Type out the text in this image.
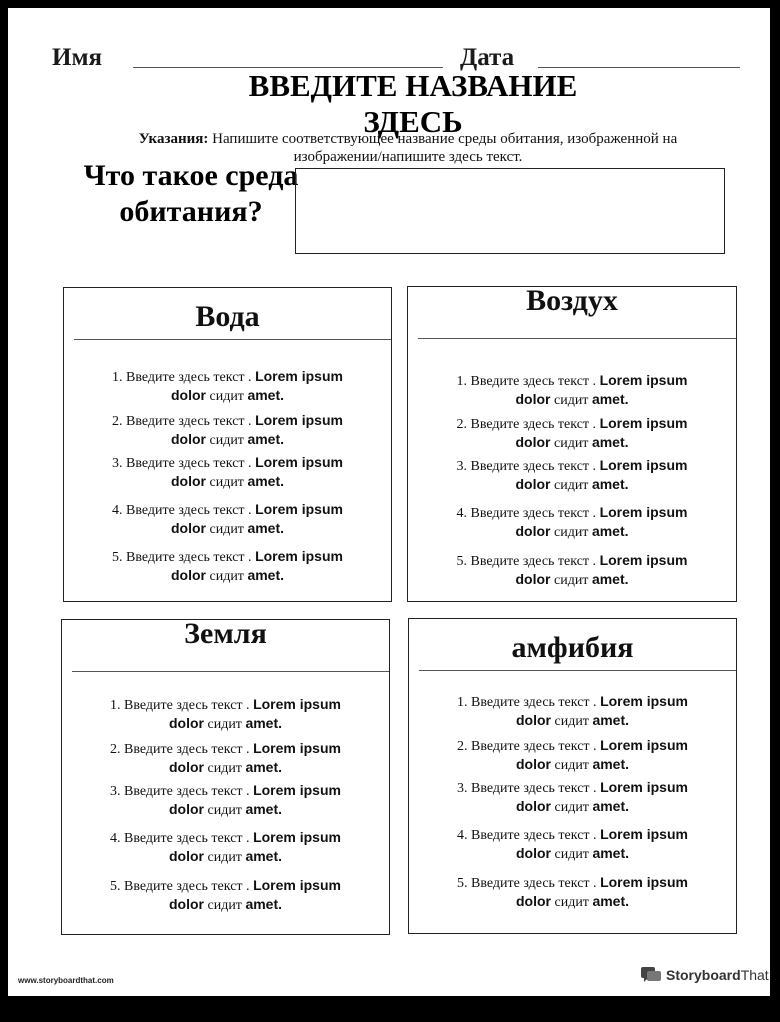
Имя	Дата
ВВЕДИТЕ НАЗВАНИЕ ЗДЕСЬ
Указания: Напишите соответствующее название среды обитания, изображенной на изображении/напишите здесь текст.
Что такое среда обитания?
Вода
1. Введите здесь текст . Lorem ipsum
dolor сидит amet.
2. Введите здесь текст . Lorem ipsum
dolor сидит amet.
3. Введите здесь текст . Lorem ipsum
dolor сидит amet.
4. Введите здесь текст . Lorem ipsum
dolor сидит amet.
5. Введите здесь текст . Lorem ipsum
dolor сидит amet.
Воздух
1. Введите здесь текст . Lorem ipsum
dolor сидит amet.
2. Введите здесь текст . Lorem ipsum
dolor сидит amet.
3. Введите здесь текст . Lorem ipsum
dolor сидит amet.
4. Введите здесь текст . Lorem ipsum
dolor сидит amet.
5. Введите здесь текст . Lorem ipsum
dolor сидит amet.
Земля
1. Введите здесь текст . Lorem ipsum
dolor сидит amet.
2. Введите здесь текст . Lorem ipsum
dolor сидит amet.
3. Введите здесь текст . Lorem ipsum
dolor сидит amet.
4. Введите здесь текст . Lorem ipsum
dolor сидит amet.
5. Введите здесь текст . Lorem ipsum
dolor сидит amet.
амфибия
1. Введите здесь текст . Lorem ipsum
dolor сидит amet.
2. Введите здесь текст . Lorem ipsum
dolor сидит amet.
3. Введите здесь текст . Lorem ipsum
dolor сидит amet.
4. Введите здесь текст . Lorem ipsum
dolor сидит amet.
5. Введите здесь текст . Lorem ipsum
dolor сидит amet.
www.storyboardthat.com	StoryboardThat
